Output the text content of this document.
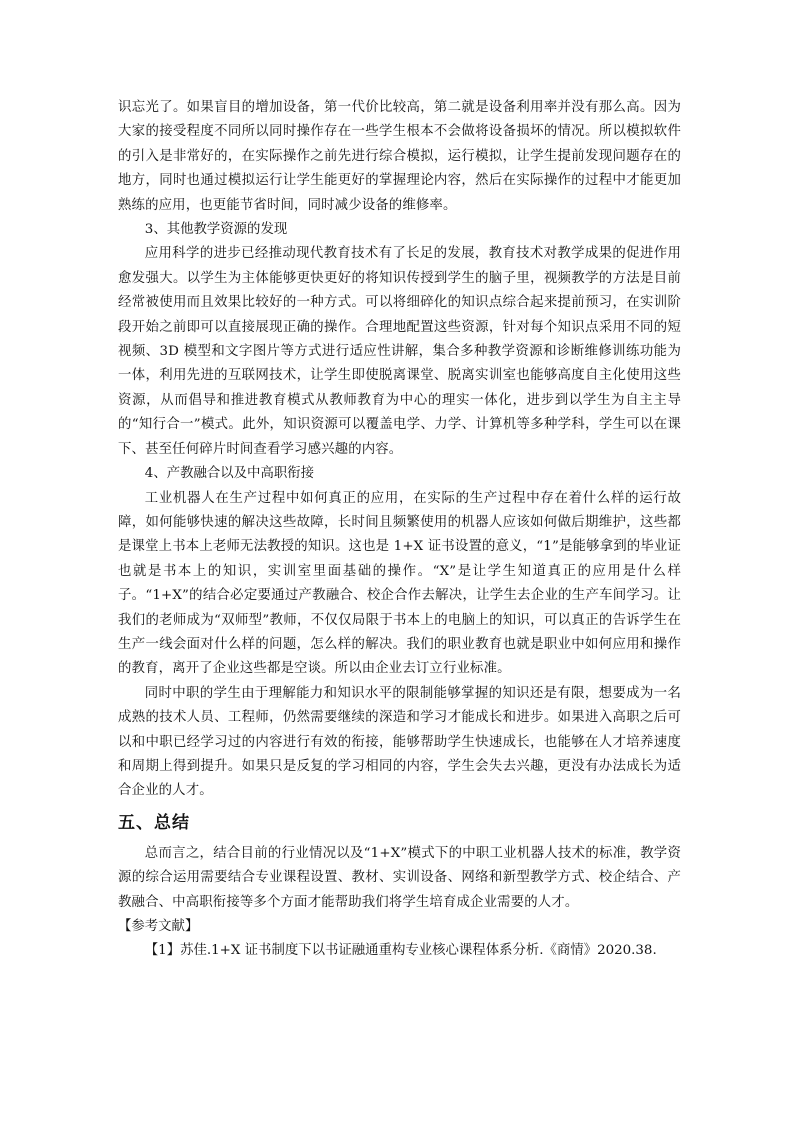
识忘光了。如果盲目的增加设备，第一代价比较高，第二就是设备利用率并没有那么高。因为大家的接受程度不同所以同时操作存在一些学生根本不会做将设备损坏的情况。所以模拟软件的引入是非常好的，在实际操作之前先进行综合模拟，运行模拟，让学生提前发现问题存在的地方，同时也通过模拟运行让学生能更好的掌握理论内容，然后在实际操作的过程中才能更加熟练的应用，也更能节省时间，同时减少设备的维修率。

3、其他教学资源的发现

应用科学的进步已经推动现代教育技术有了长足的发展，教育技术对教学成果的促进作用愈发强大。以学生为主体能够更快更好的将知识传授到学生的脑子里，视频教学的方法是目前经常被使用而且效果比较好的一种方式。可以将细碎化的知识点综合起来提前预习，在实训阶段开始之前即可以直接展现正确的操作。合理地配置这些资源，针对每个知识点采用不同的短视频、3D 模型和文字图片等方式进行适应性讲解，集合多种教学资源和诊断维修训练功能为一体，利用先进的互联网技术，让学生即使脱离课堂、脱离实训室也能够高度自主化使用这些资源，从而倡导和推进教育模式从教师教育为中心的理实一体化，进步到以学生为自主主导的“知行合一”模式。此外，知识资源可以覆盖电学、力学、计算机等多种学科，学生可以在课下、甚至任何碎片时间查看学习感兴趣的内容。

4、产教融合以及中高职衔接

工业机器人在生产过程中如何真正的应用，在实际的生产过程中存在着什么样的运行故障，如何能够快速的解决这些故障，长时间且频繁使用的机器人应该如何做后期维护，这些都是课堂上书本上老师无法教授的知识。这也是 1+X 证书设置的意义，“1”是能够拿到的毕业证也就是书本上的知识，实训室里面基础的操作。“X”是让学生知道真正的应用是什么样子。“1+X”的结合必定要通过产教融合、校企合作去解决，让学生去企业的生产车间学习。让我们的老师成为“双师型”教师，不仅仅局限于书本上的电脑上的知识，可以真正的告诉学生在生产一线会面对什么样的问题，怎么样的解决。我们的职业教育也就是职业中如何应用和操作的教育，离开了企业这些都是空谈。所以由企业去订立行业标准。

同时中职的学生由于理解能力和知识水平的限制能够掌握的知识还是有限，想要成为一名成熟的技术人员、工程师，仍然需要继续的深造和学习才能成长和进步。如果进入高职之后可以和中职已经学习过的内容进行有效的衔接，能够帮助学生快速成长，也能够在人才培养速度和周期上得到提升。如果只是反复的学习相同的内容，学生会失去兴趣，更没有办法成长为适合企业的人才。

五、总结

总而言之，结合目前的行业情况以及“1+X”模式下的中职工业机器人技术的标准，教学资源的综合运用需要结合专业课程设置、教材、实训设备、网络和新型教学方式、校企结合、产教融合、中高职衔接等多个方面才能帮助我们将学生培育成企业需要的人才。

【参考文献】

【1】苏佳.1+X 证书制度下以书证融通重构专业核心课程体系分析.《商情》2020.38.
